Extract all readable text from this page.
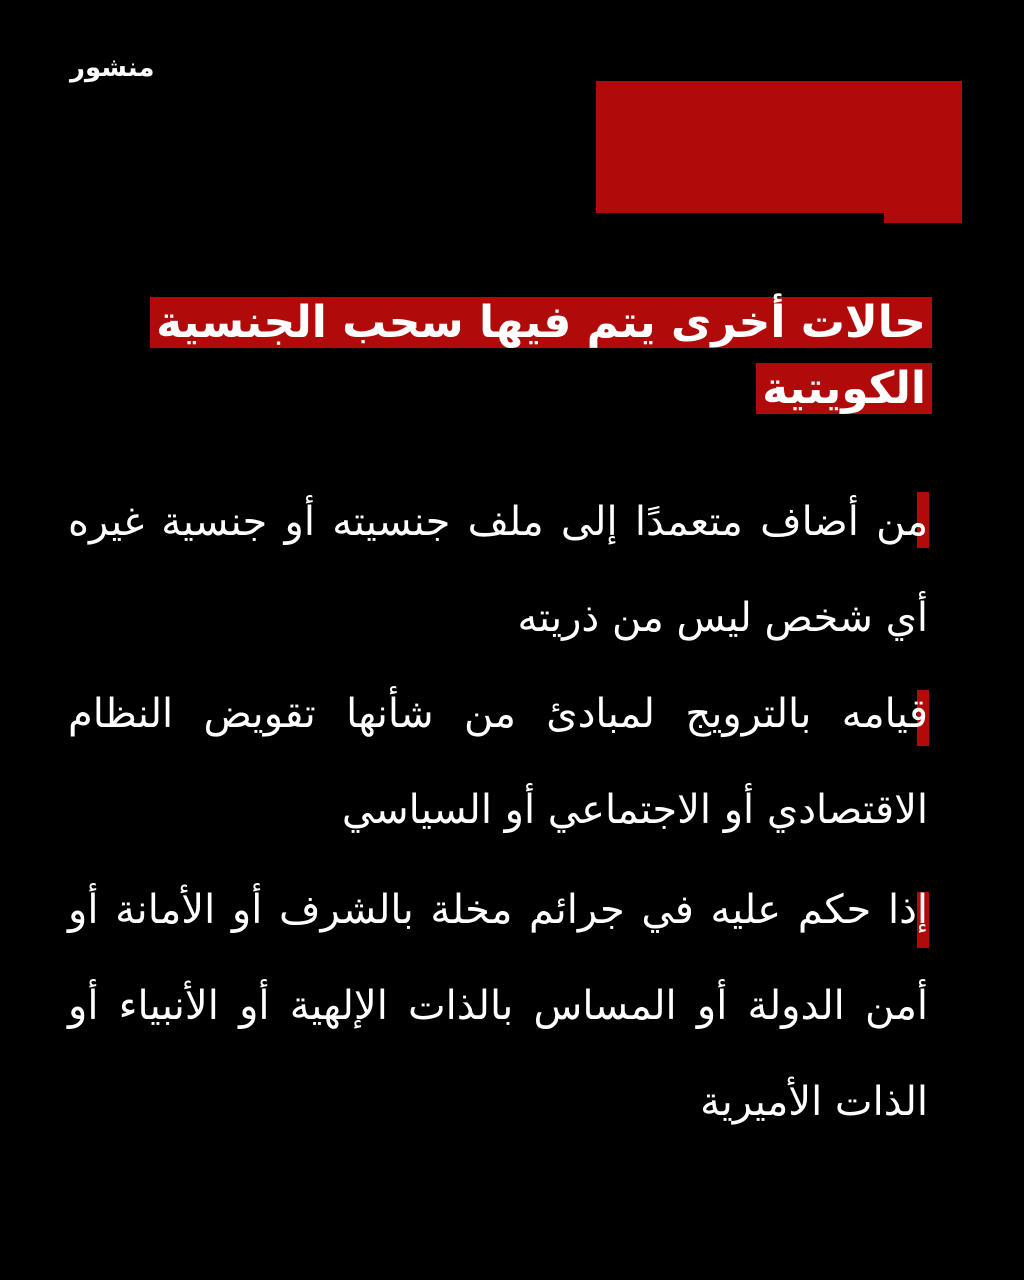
منشور
حالات أخرى يتم فيها سحب الجنسية الكويتية
من أضاف متعمدًا إلى ملف جنسيته أو جنسية غيره أي شخص ليس من ذريته
قيامه بالترويج لمبادئ من شأنها تقويض النظام الاقتصادي أو الاجتماعي أو السياسي
إذا حكم عليه في جرائم مخلة بالشرف أو الأمانة أو أمن الدولة أو المساس بالذات الإلهية أو الأنبياء أو الذات الأميرية
